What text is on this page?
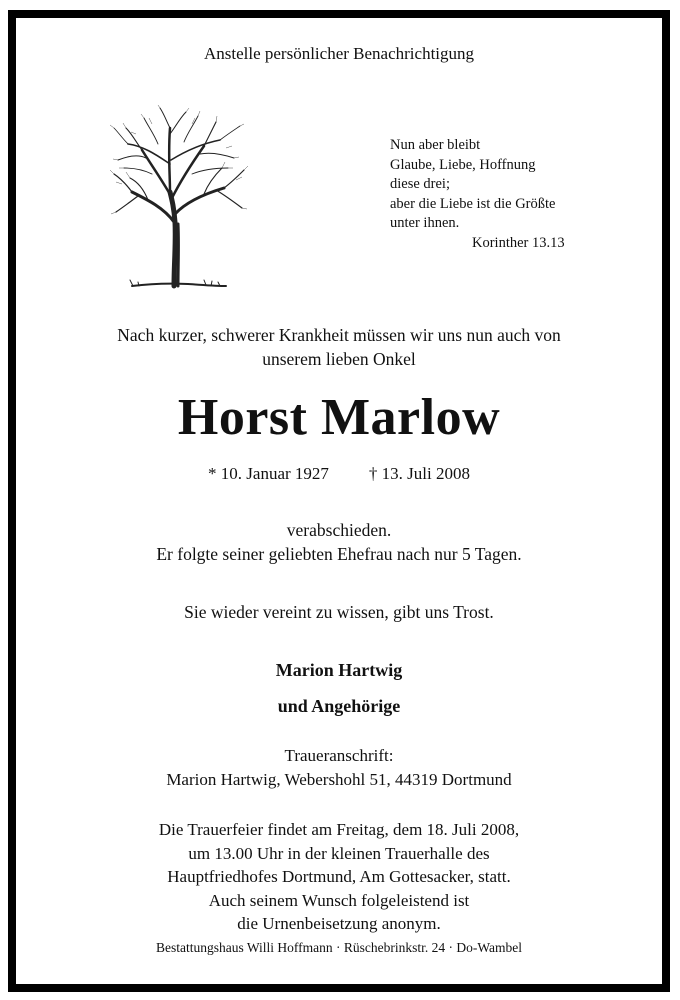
Anstelle persönlicher Benachrichtigung
Nun aber bleibt
Glaube, Liebe, Hoffnung
diese drei;
aber die Liebe ist die Größte
unter ihnen.
Korinther 13.13
Nach kurzer, schwerer Krankheit müssen wir uns nun auch von
unserem lieben Onkel
Horst Marlow
* 10. Januar 1927 † 13. Juli 2008
verabschieden.
Er folgte seiner geliebten Ehefrau nach nur 5 Tagen.
Sie wieder vereint zu wissen, gibt uns Trost.
Marion Hartwig
und Angehörige
Traueranschrift:
Marion Hartwig, Webershohl 51, 44319 Dortmund
Die Trauerfeier findet am Freitag, dem 18. Juli 2008,
um 13.00 Uhr in der kleinen Trauerhalle des
Hauptfriedhofes Dortmund, Am Gottesacker, statt.
Auch seinem Wunsch folgeleistend ist
die Urnenbeisetzung anonym.
Bestattungshaus Willi Hoffmann · Rüschebrinkstr. 24 · Do-Wambel
